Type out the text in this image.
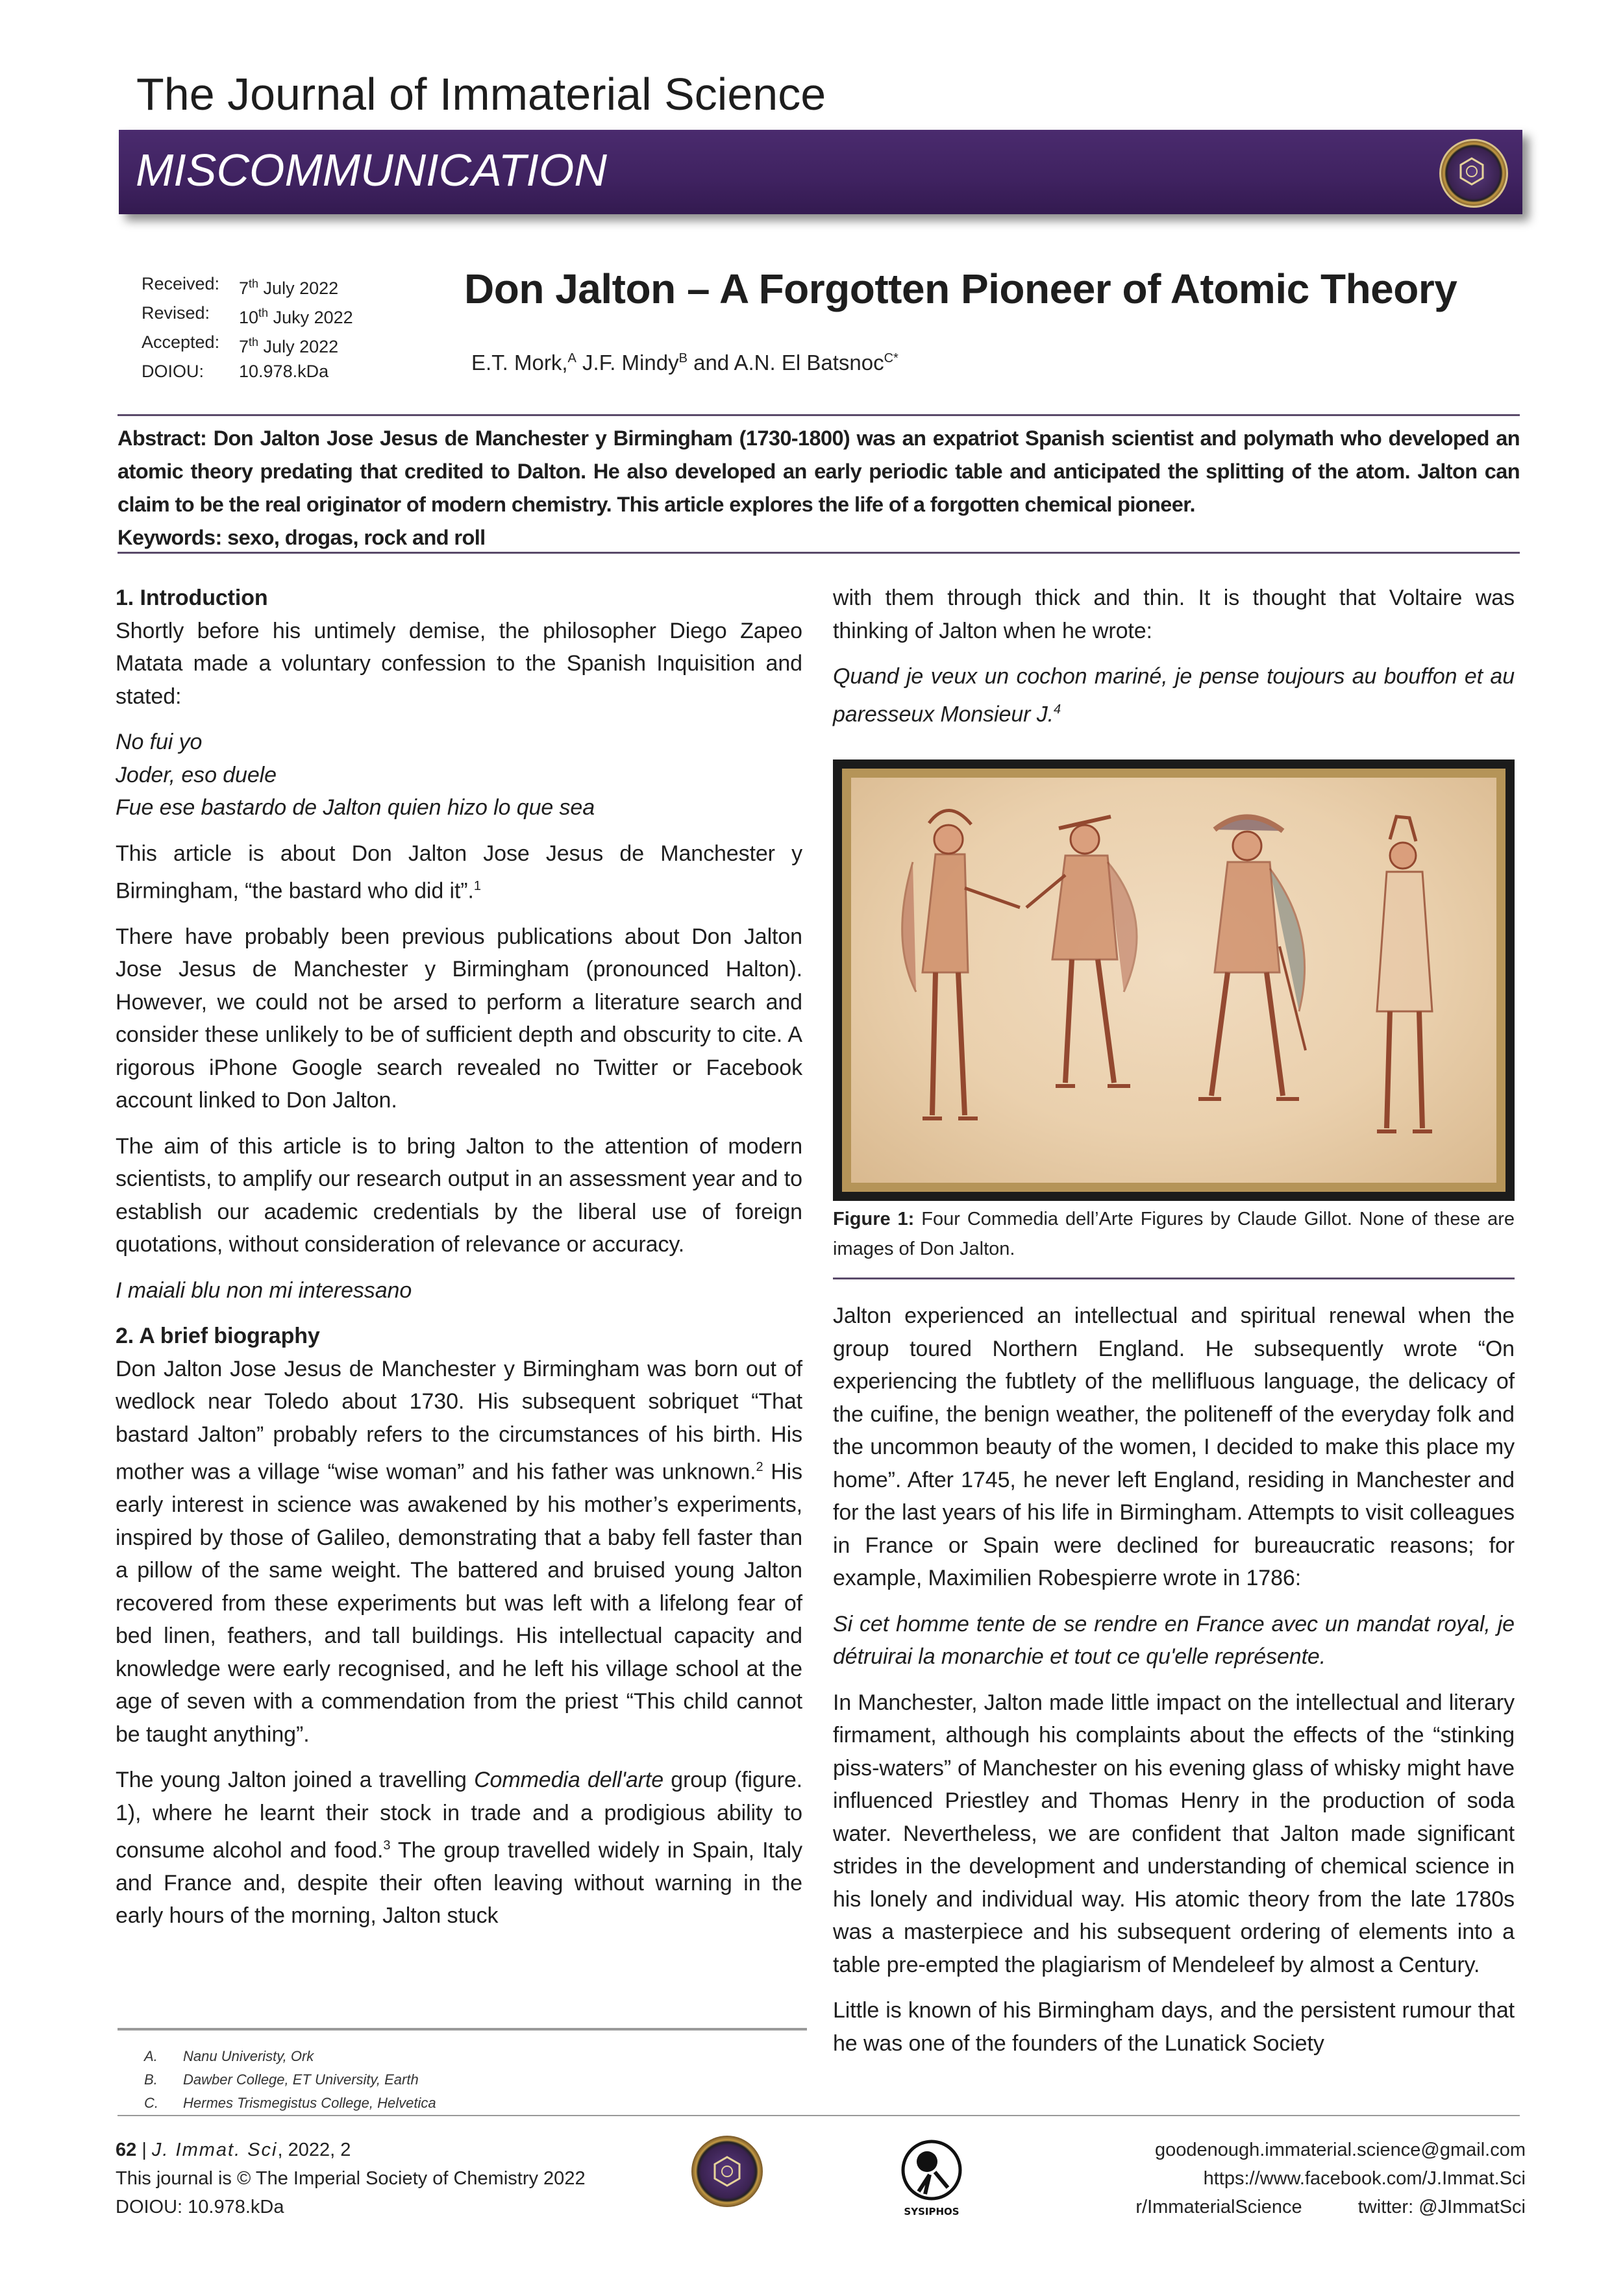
The Journal of Immaterial Science
MISCOMMUNICATION
Received:	7th July 2022
Revised:	10th Juky 2022
Accepted:	7th July 2022
DOIOU:	10.978.kDa
Don Jalton – A Forgotten Pioneer of Atomic Theory
E.T. Mork,$^A$ J.F. Mindy$^B$ and A.N. El Batsnoc$^{C*}$
Abstract: Don Jalton Jose Jesus de Manchester y Birmingham (1730-1800) was an expatriot Spanish scientist and polymath who developed an atomic theory predating that credited to Dalton. He also developed an early periodic table and anticipated the splitting of the atom. Jalton can claim to be the real originator of modern chemistry. This article explores the life of a forgotten chemical pioneer.
Keywords: sexo, drogas, rock and roll
1. Introduction

Shortly before his untimely demise, the philosopher Diego Zapeo Matata made a voluntary confession to the Spanish Inquisition and stated:

No fui yo
Joder, eso duele
Fue ese bastardo de Jalton quien hizo lo que sea

This article is about Don Jalton Jose Jesus de Manchester y Birmingham, “the bastard who did it”.$^1$

There have probably been previous publications about Don Jalton Jose Jesus de Manchester y Birmingham (pronounced Halton). However, we could not be arsed to perform a literature search and consider these unlikely to be of sufficient depth and obscurity to cite. A rigorous iPhone Google search revealed no Twitter or Facebook account linked to Don Jalton.

The aim of this article is to bring Jalton to the attention of modern scientists, to amplify our research output in an assessment year and to establish our academic credentials by the liberal use of foreign quotations, without consideration of relevance or accuracy.

I maiali blu non mi interessano
2. A brief biography

Don Jalton Jose Jesus de Manchester y Birmingham was born out of wedlock near Toledo about 1730. His subsequent sobriquet “That bastard Jalton” probably refers to the circumstances of his birth. His mother was a village “wise woman” and his father was unknown.$^2$ His early interest in science was awakened by his mother’s experiments, inspired by those of Galileo, demonstrating that a baby fell faster than a pillow of the same weight. The battered and bruised young Jalton recovered from these experiments but was left with a lifelong fear of bed linen, feathers, and tall buildings. His intellectual capacity and knowledge were early recognised, and he left his village school at the age of seven with a commendation from the priest “This child cannot be taught anything”.

The young Jalton joined a travelling Commedia dell'arte group (figure. 1), where he learnt their stock in trade and a prodigious ability to consume alcohol and food.$^3$ The group travelled widely in Spain, Italy and France and, despite their often leaving without warning in the early hours of the morning, Jalton stuck

with them through thick and thin. It is thought that Voltaire was thinking of Jalton when he wrote:

Quand je veux un cochon mariné, je pense toujours au bouffon et au paresseux Monsieur J.$^4$
Figure 1: Four Commedia dell’Arte Figures by Claude Gillot. None of these are images of Don Jalton.

Jalton experienced an intellectual and spiritual renewal when the group toured Northern England. He subsequently wrote “On experiencing the fubtlety of the mellifluous language, the delicacy of the cuifine, the benign weather, the politeneff of the everyday folk and the uncommon beauty of the women, I decided to make this place my home”. After 1745, he never left England, residing in Manchester and for the last years of his life in Birmingham. Attempts to visit colleagues in France or Spain were declined for bureaucratic reasons; for example, Maximilien Robespierre wrote in 1786:

Si cet homme tente de se rendre en France avec un mandat royal, je détruirai la monarchie et tout ce qu'elle représente.

In Manchester, Jalton made little impact on the intellectual and literary firmament, although his complaints about the effects of the “stinking piss-waters” of Manchester on his evening glass of whisky might have influenced Priestley and Thomas Henry in the production of soda water. Nevertheless, we are confident that Jalton made significant strides in the development and understanding of chemical science in his lonely and individual way. His atomic theory from the late 1780s was a masterpiece and his subsequent ordering of elements into a table pre-empted the plagiarism of Mendeleef by almost a Century.

Little is known of his Birmingham days, and the persistent rumour that he was one of the founders of the Lunatick Society

A.	Nanu Univeristy, Ork
B.	Dawber College, ET University, Earth
C.	Hermes Trismegistus College, Helvetica
62 | J. Immat. Sci, 2022, 2
This journal is © The Imperial Society of Chemistry 2022
DOIOU: 10.978.kDa	SYSIPHOS
goodenough.immaterial.science@gmail.com
https://www.facebook.com/J.Immat.Sci
r/ImmaterialScience	twitter: @JImmatSci
